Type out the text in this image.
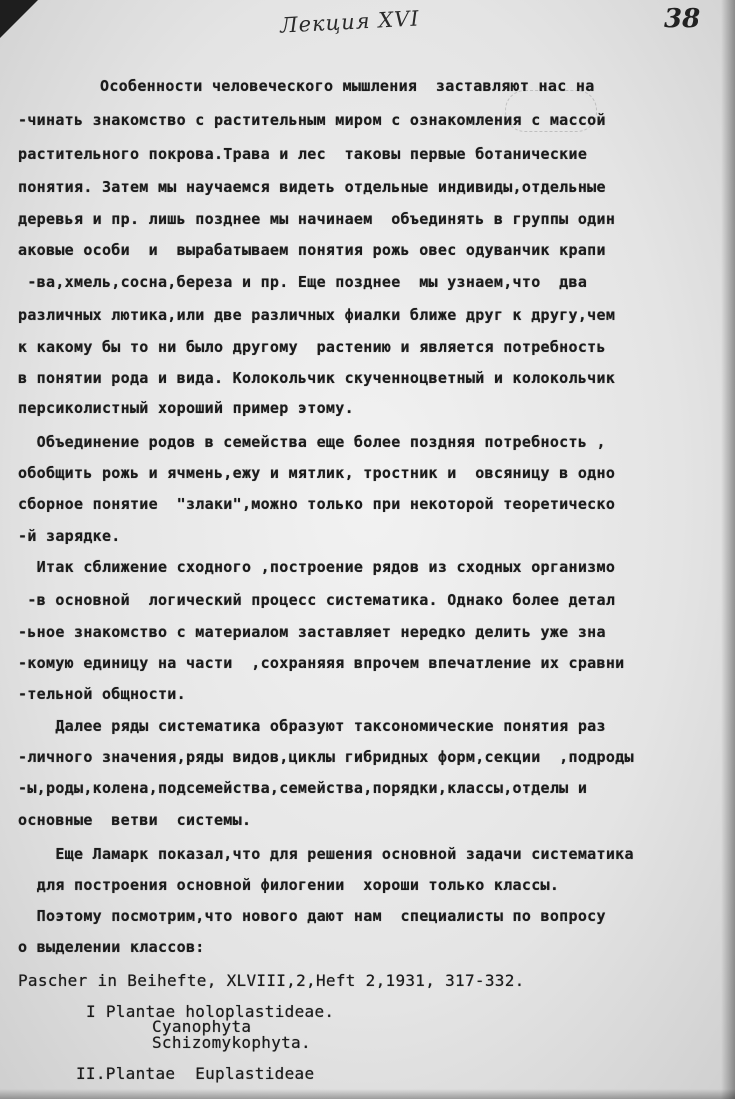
Лекция XVI	38
Особенности человеческого мышления  заставляют нас на
-чинать знакомство с растительным миром с ознакомления с массой
растительного покрова.Трава и лес  таковы первые ботанические
понятия. Затем мы научаемся видеть отдельные индивиды,отдельные
деревья и пр. лишь позднее мы начинаем  объединять в группы один
аковые особи  и  вырабатываем понятия рожь овес одуванчик крапи
-ва,хмель,сосна,береза и пр. Еще позднее  мы узнаем,что  два
различных лютика,или две различных фиалки ближе друг к другу,чем
к какому бы то ни было другому  растению и является потребность
в понятии рода и вида. Колокольчик скученноцветный и колокольчик
персиколистный хороший пример этому.
Объединение родов в семейства еще более поздняя потребность ,
обобщить рожь и ячмень,ежу и мятлик, тростник и  овсяницу в одно
сборное понятие  "злаки",можно только при некоторой теоретическо
-й зарядке.
Итак сближение сходного ,построение рядов из сходных организмо
-в основной  логический процесс систематика. Однако более детал
-ьное знакомство с материалом заставляет нередко делить уже зна
-комую единицу на части  ,сохраняяя впрочем впечатление их сравни
-тельной общности.
Далее ряды систематика образуют таксономические понятия раз
-личного значения,ряды видов,циклы гибридных форм,секции  ,подроды
-ы,роды,колена,подсемейства,семейства,порядки,классы,отделы и
основные  ветви  системы.
Еще Ламарк показал,что для решения основной задачи систематика
для построения основной филогении  хороши только классы.
Поэтому посмотрим,что нового дают нам  специалисты по вопросу
о выделении классов:
Pascher in Beihefte, XLVIII,2,Heft 2,1931, 317-332.
I Plantae holoplastideae.
Cyanophyta
Schizomykophyta.
II.Plantae  Euplastideae
